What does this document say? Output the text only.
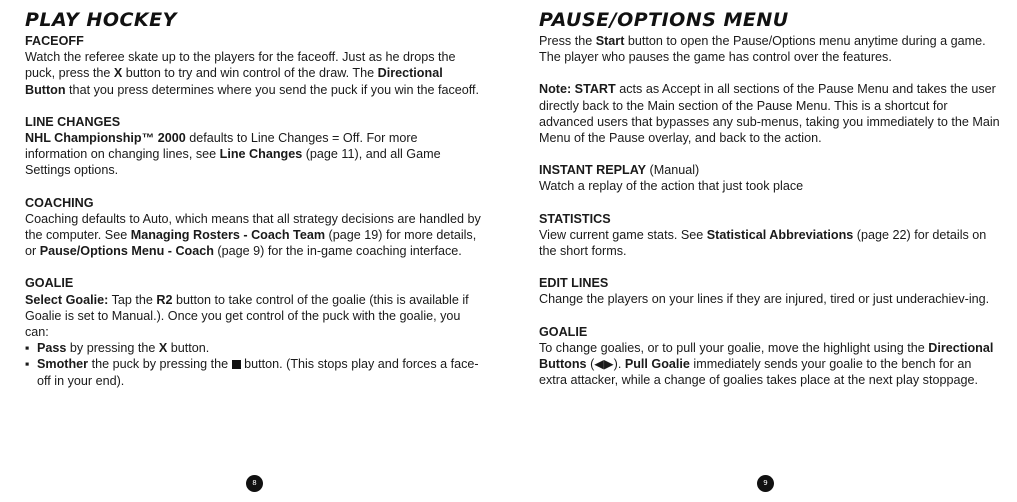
PLAY HOCKEY
FACEOFF

Watch the referee skate up to the players for the faceoff. Just as he drops the puck, press the X button to try and win control of the draw. The Directional Button that you press determines where you send the puck if you win the faceoff.

LINE CHANGES

NHL Championship™ 2000 defaults to Line Changes = Off. For more information on changing lines, see Line Changes (page 11), and all Game Settings options.

COACHING

Coaching defaults to Auto, which means that all strategy decisions are handled by the computer. See Managing Rosters - Coach Team (page 19) for more details, or Pause/Options Menu - Coach (page 9) for the in-game coaching interface.

GOALIE

Select Goalie: Tap the R2 button to take control of the goalie (this is available if Goalie is set to Manual.). Once you get control of the puck with the goalie, you can:

▪ Pass by pressing the X button.
▪ Smother the puck by pressing the  button. (This stops play and forces a face-off in your end).
8
PAUSE/OPTIONS MENU

Press the Start button to open the Pause/Options menu anytime during a game. The player who pauses the game has control over the features.

Note: START acts as Accept in all sections of the Pause Menu and takes the user directly back to the Main section of the Pause Menu. This is a shortcut for advanced users that bypasses any sub-menus, taking you immediately to the Main Menu of the Pause overlay, and back to the action.

INSTANT REPLAY (Manual)

Watch a replay of the action that just took place

STATISTICS

View current game stats. See Statistical Abbreviations (page 22) for details on the short forms.

EDIT LINES

Change the players on your lines if they are injured, tired or just underachiev-ing.

GOALIE

To change goalies, or to pull your goalie, move the highlight using the Directional Buttons (◀▶). Pull Goalie immediately sends your goalie to the bench for an extra attacker, while a change of goalies takes place at the next play stoppage.

9
